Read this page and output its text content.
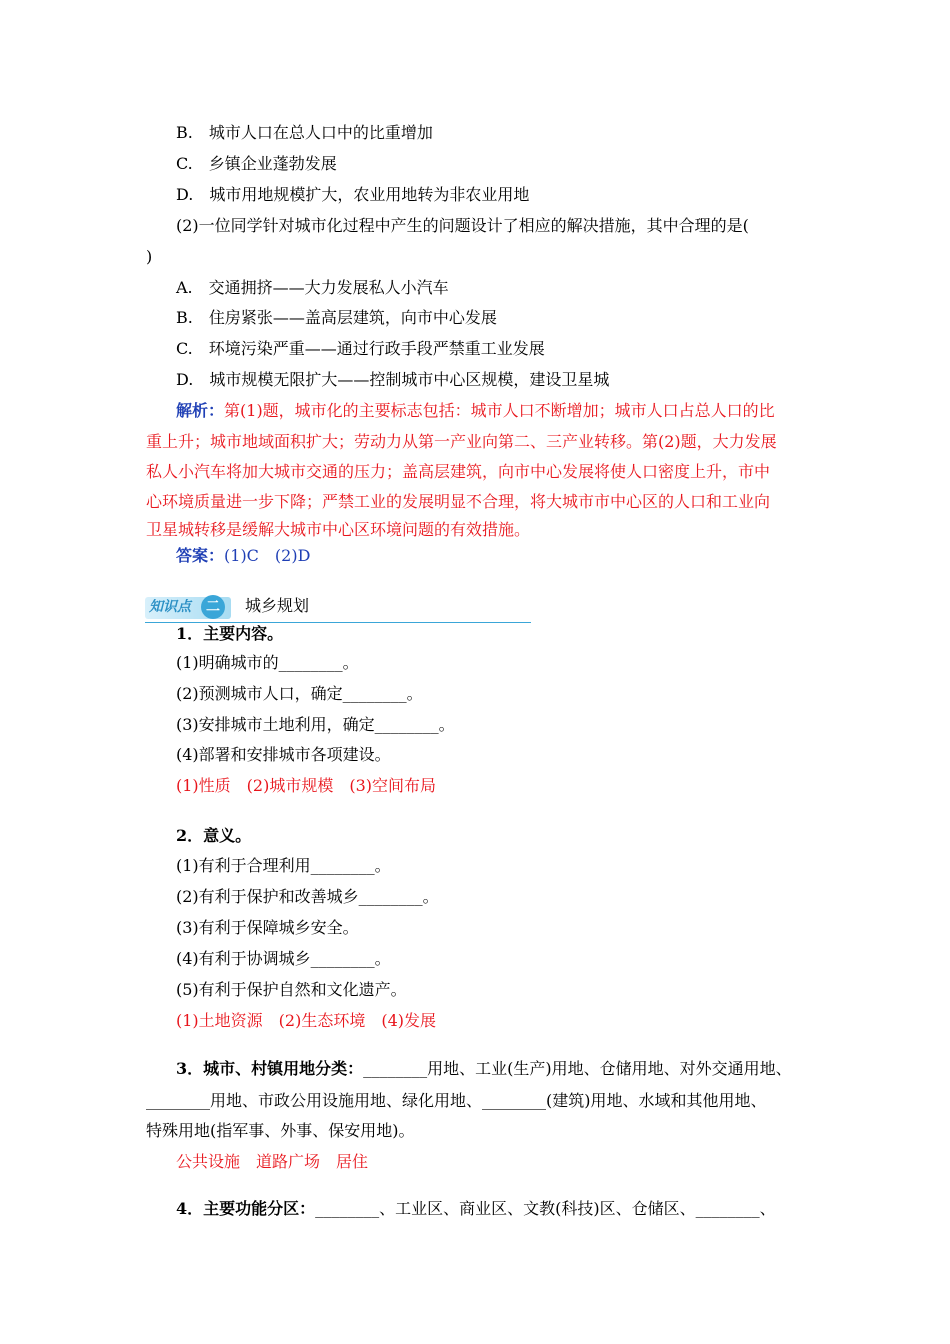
B.　城市人口在总人口中的比重增加
C.　乡镇企业蓬勃发展
D.　城市用地规模扩大，农业用地转为非农业用地
(2)一位同学针对城市化过程中产生的问题设计了相应的解决措施，其中合理的是(
)
A.　交通拥挤——大力发展私人小汽车
B.　住房紧张——盖高层建筑，向市中心发展
C.　环境污染严重——通过行政手段严禁重工业发展
D.　城市规模无限扩大——控制城市中心区规模，建设卫星城
解析：第(1)题，城市化的主要标志包括：城市人口不断增加；城市人口占总人口的比
重上升；城市地域面积扩大；劳动力从第一产业向第二、三产业转移。第(2)题，大力发展
私人小汽车将加大城市交通的压力；盖高层建筑，向市中心发展将使人口密度上升，市中
心环境质量进一步下降；严禁工业的发展明显不合理，将大城市市中心区的人口和工业向
卫星城转移是缓解大城市中心区环境问题的有效措施。
答案：(1)C　(2)D
知识点	二	城乡规划
1．主要内容。
(1)明确城市的________。
(2)预测城市人口，确定________。
(3)安排城市土地利用，确定________。
(4)部署和安排城市各项建设。
(1)性质　(2)城市规模　(3)空间布局
2．意义。
(1)有利于合理利用________。
(2)有利于保护和改善城乡________。
(3)有利于保障城乡安全。
(4)有利于协调城乡________。
(5)有利于保护自然和文化遗产。
(1)土地资源　(2)生态环境　(4)发展
3．城市、村镇用地分类：________用地、工业(生产)用地、仓储用地、对外交通用地、
________用地、市政公用设施用地、绿化用地、________(建筑)用地、水域和其他用地、
特殊用地(指军事、外事、保安用地)。
公共设施　道路广场　居住
4．主要功能分区：________、工业区、商业区、文教(科技)区、仓储区、________、
